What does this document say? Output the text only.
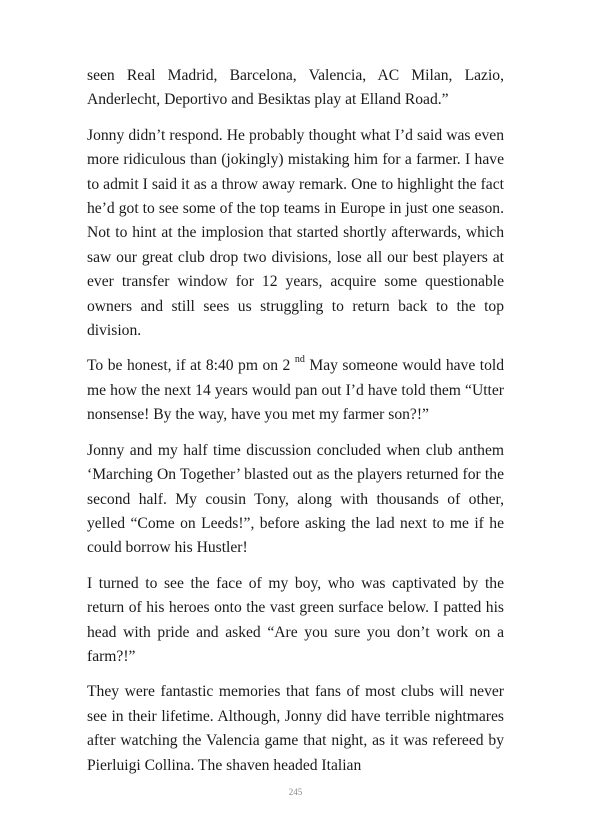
seen Real Madrid, Barcelona, Valencia, AC Milan, Lazio, Anderlecht, Deportivo and Besiktas play at Elland Road.”

Jonny didn’t respond. He probably thought what I’d said was even more ridiculous than (jokingly) mistaking him for a farmer. I have to admit I said it as a throw away remark. One to highlight the fact he’d got to see some of the top teams in Europe in just one season. Not to hint at the implosion that started shortly afterwards, which saw our great club drop two divisions, lose all our best players at ever transfer window for 12 years, acquire some questionable owners and still sees us struggling to return back to the top division.

To be honest, if at 8:40 pm on 2 $^{nd}$ May someone would have told me how the next 14 years would pan out I’d have told them “Utter nonsense! By the way, have you met my farmer son?!”

Jonny and my half time discussion concluded when club anthem ‘Marching On Together’ blasted out as the players returned for the second half. My cousin Tony, along with thousands of other, yelled “Come on Leeds!”, before asking the lad next to me if he could borrow his Hustler!

I turned to see the face of my boy, who was captivated by the return of his heroes onto the vast green surface below. I patted his head with pride and asked “Are you sure you don’t work on a farm?!”

They were fantastic memories that fans of most clubs will never see in their lifetime. Although, Jonny did have terrible nightmares after watching the Valencia game that night, as it was refereed by Pierluigi Collina. The shaven headed Italian

245
